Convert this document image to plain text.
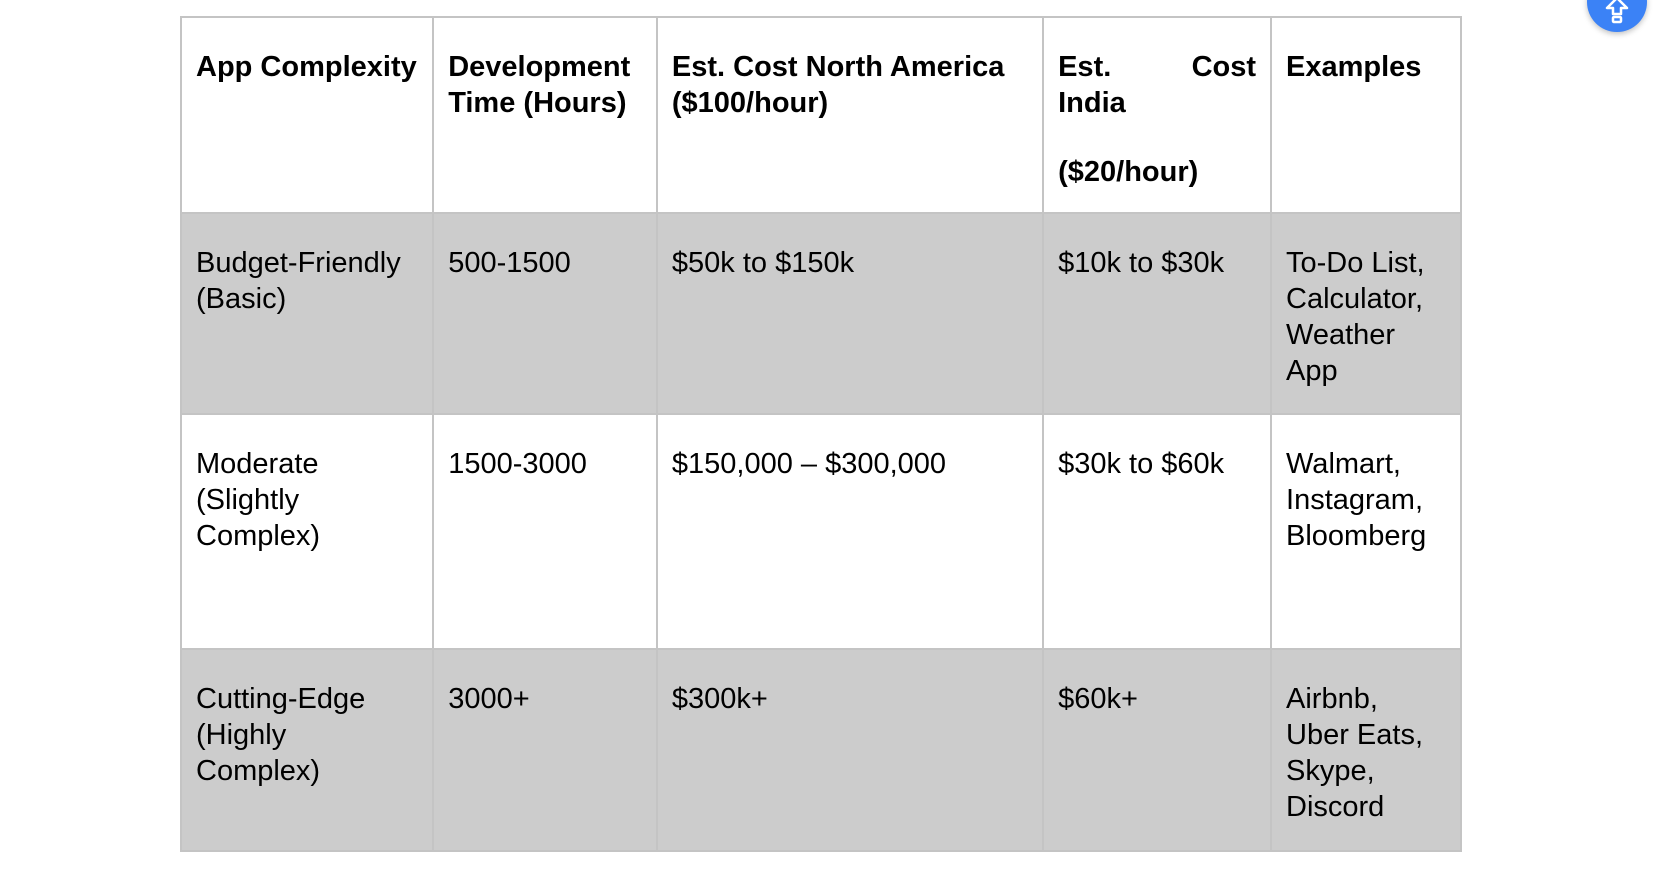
App Complexity	Development Time (Hours)	Est. Cost North America ($100/hour)	Est. Cost
India
($20/hour)	Examples
Budget-Friendly (Basic)	500-1500	$50k to $150k	$10k to $30k	To-Do List, Calculator, Weather App
Moderate (Slightly Complex)	1500-3000	$150,000 – $300,000	$30k to $60k	Walmart, Instagram, Bloomberg
Cutting-Edge (Highly Complex)	3000+	$300k+	$60k+	Airbnb, Uber Eats, Skype, Discord
